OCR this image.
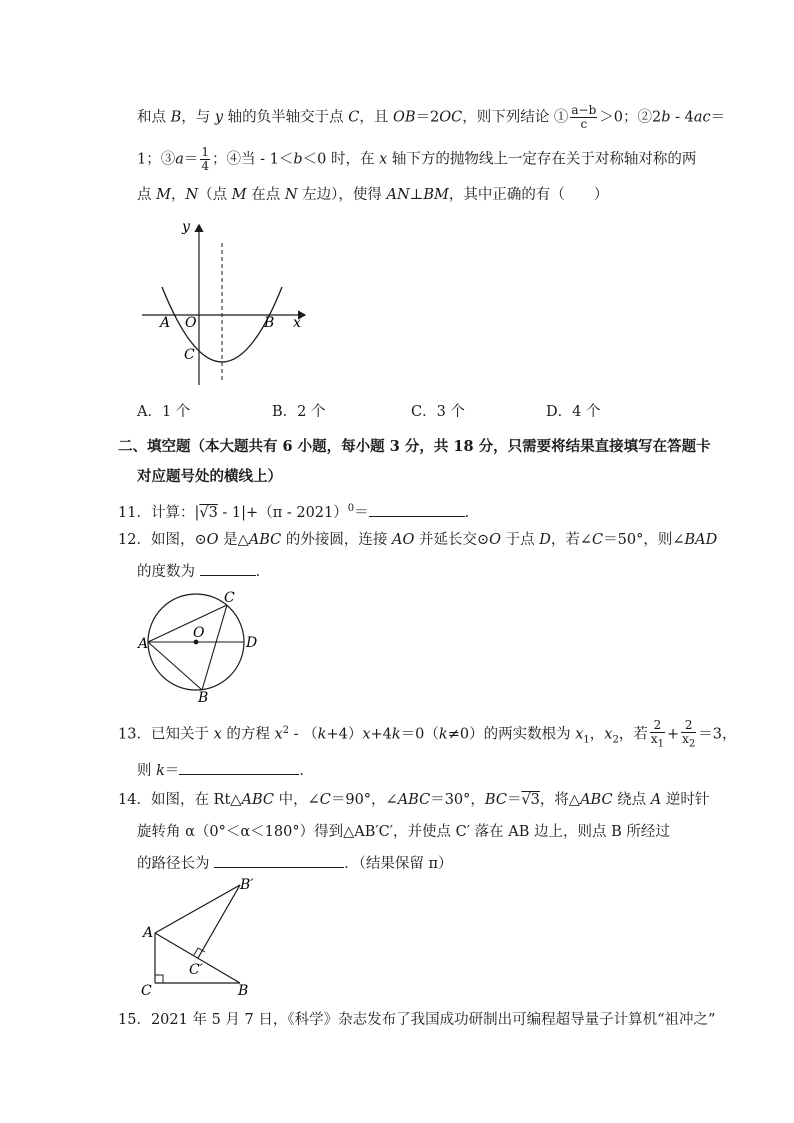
和点 B，与 y 轴的负半轴交于点 C，且 OB＝2OC，则下列结论 ① $\frac{a-b}{c} >0$；②2b - 4ac＝
1；③a＝ $\frac{1}{4}$ ；④当 - 1＜b＜0 时，在 x 轴下方的抛物线上一定存在关于对称轴对称的两
点 M，N（点 M 在点 N 左边），使得 AN⊥BM，其中正确的有（　　）
y
x
A O	B
C
A．1 个	B．2 个	C．3 个	D．4 个
二、填空题（本大题共有 6 小题，每小题 3 分，共 18 分，只需要将结果直接填写在答题卡
对应题号处的横线上）
11．计算：|√3 - 1|+（π - 2021）$^0$＝	．
12．如图，⊙O 是△ABC 的外接圆，连接 AO 并延长交⊙O 于点 D，若∠C＝50°，则∠BAD
的度数为	．
A
O
D
C
B
13．已知关于 x 的方程 $x^2 - (k+4)x+4k=0(k\ne 0)$的两实数根为 $x_1$，$x_2$，若 $\frac{2}{x_1} + \frac{2}{x_2} =3$，
则 k＝	．
14．如图，在 Rt△ABC 中，∠C＝90°，∠ABC＝30°，BC＝√3，将△ABC 绕点 A 逆时针
旋转角 α（0°＜α＜180°）得到△AB′C′，并使点 C′ 落在 AB 边上，则点 B 所经过
的路径长为	．（结果保留 π）
A
B′
C′
C	B
15．2021 年 5 月 7 日，《科学》杂志发布了我国成功研制出可编程超导量子计算机“祖冲之”
